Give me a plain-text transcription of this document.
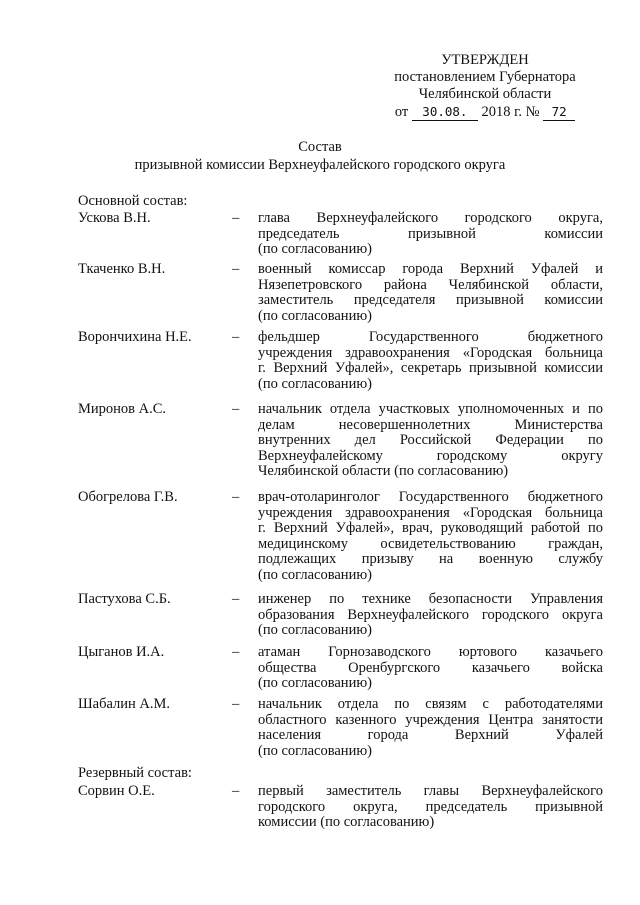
УТВЕРЖДЕН
постановлением Губернатора
Челябинской области
от 30.08. 2018 г. № 72
Состав
призывной комиссии Верхнеуфалейского городского округа
Основной состав:
Ускова В.Н.	– глава Верхнеуфалейского городского округа,
председатель призывной комиссии
(по согласованию)
Ткаченко В.Н.	– военный комиссар города Верхний Уфалей и
Нязепетровского района Челябинской области,
заместитель председателя призывной комиссии
(по согласованию)
Ворончихина Н.Е.	– фельдшер Государственного бюджетного
учреждения здравоохранения «Городская больница
г. Верхний Уфалей», секретарь призывной комиссии
(по согласованию)
Миронов А.С.	– начальник отдела участковых уполномоченных и по
делам несовершеннолетних Министерства
внутренних дел Российской Федерации по
Верхнеуфалейскому городскому округу
Челябинской области (по согласованию)
Обогрелова Г.В.	– врач-отоларинголог Государственного бюджетного
учреждения здравоохранения «Городская больница
г. Верхний Уфалей», врач, руководящий работой по
медицинскому освидетельствованию граждан,
подлежащих призыву на военную службу
(по согласованию)
Пастухова С.Б.	– инженер по технике безопасности Управления
образования Верхнеуфалейского городского округа
(по согласованию)
Цыганов И.А.	– атаман Горнозаводского юртового казачьего
общества Оренбургского казачьего войска
(по согласованию)
Шабалин А.М.	– начальник отдела по связям с работодателями
областного казенного учреждения Центра занятости
населения города Верхний Уфалей
(по согласованию)
Резервный состав:
Сорвин О.Е.	– первый заместитель главы Верхнеуфалейского
городского округа, председатель призывной
комиссии (по согласованию)
